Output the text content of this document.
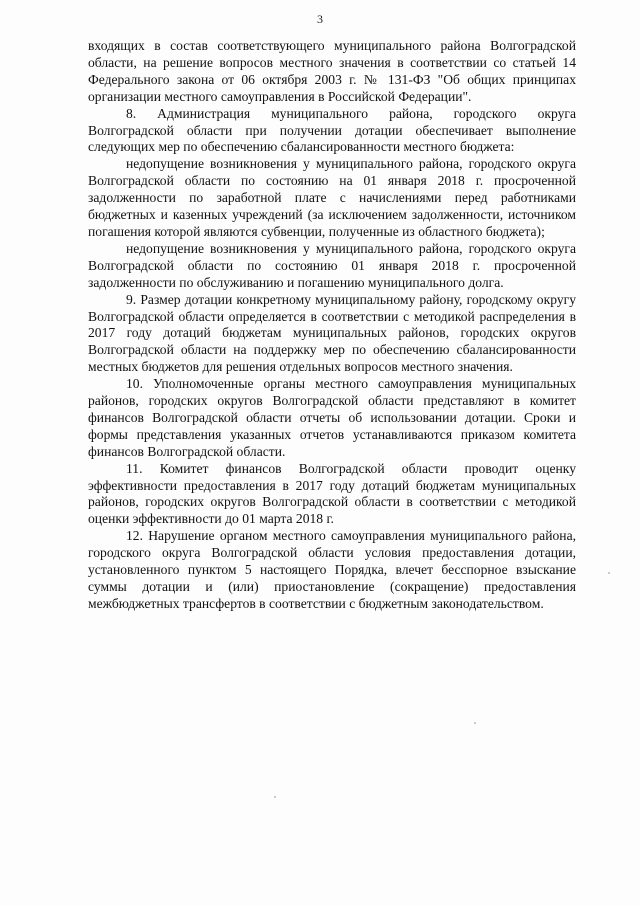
3

входящих в состав соответствующего муниципального района Волгоградской области, на решение вопросов местного значения в соответствии со статьей 14 Федерального закона от 06 октября 2003 г. № 131-ФЗ "Об общих принципах организации местного самоуправления в Российской Федерации".

8. Администрация муниципального района, городского округа Волгоградской области при получении дотации обеспечивает выполнение следующих мер по обеспечению сбалансированности местного бюджета:

недопущение возникновения у муниципального района, городского округа Волгоградской области по состоянию на 01 января 2018 г. просроченной задолженности по заработной плате с начислениями перед работниками бюджетных и казенных учреждений (за исключением задолженности, источником погашения которой являются субвенции, полученные из областного бюджета);

недопущение возникновения у муниципального района, городского округа Волгоградской области по состоянию 01 января 2018 г. просроченной задолженности по обслуживанию и погашению муниципального долга.

9. Размер дотации конкретному муниципальному району, городскому округу Волгоградской области определяется в соответствии с методикой распределения в 2017 году дотаций бюджетам муниципальных районов, городских округов Волгоградской области на поддержку мер по обеспечению сбалансированности местных бюджетов для решения отдельных вопросов местного значения.

10. Уполномоченные органы местного самоуправления муниципальных районов, городских округов Волгоградской области представляют в комитет финансов Волгоградской области отчеты об использовании дотации. Сроки и формы представления указанных отчетов устанавливаются приказом комитета финансов Волгоградской области.

11. Комитет финансов Волгоградской области проводит оценку эффективности предоставления в 2017 году дотаций бюджетам муниципальных районов, городских округов Волгоградской области в соответствии с методикой оценки эффективности до 01 марта 2018 г.

12. Нарушение органом местного самоуправления муниципального района, городского округа Волгоградской области условия предоставления дотации, установленного пунктом 5 настоящего Порядка, влечет бесспорное взыскание суммы дотации и (или) приостановление (сокращение) предоставления межбюджетных трансфертов в соответствии с бюджетным законодательством.
